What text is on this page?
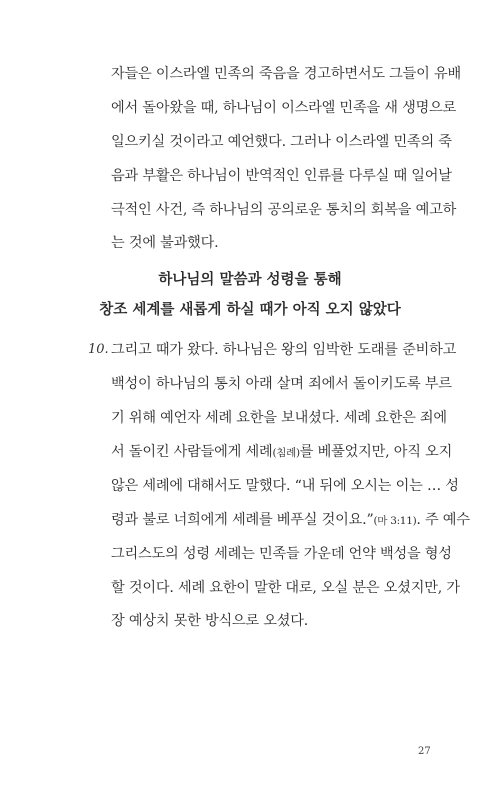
자들은 이스라엘 민족의 죽음을 경고하면서도 그들이 유배
에서 돌아왔을 때, 하나님이 이스라엘 민족을 새 생명으로
일으키실 것이라고 예언했다. 그러나 이스라엘 민족의 죽
음과 부활은 하나님이 반역적인 인류를 다루실 때 일어날
극적인 사건, 즉 하나님의 공의로운 통치의 회복을 예고하
는 것에 불과했다.
하나님의 말씀과 성령을 통해
창조 세계를 새롭게 하실 때가 아직 오지 않았다
10. 그리고 때가 왔다. 하나님은 왕의 임박한 도래를 준비하고
백성이 하나님의 통치 아래 살며 죄에서 돌이키도록 부르
기 위해 예언자 세례 요한을 보내셨다. 세례 요한은 죄에
서 돌이킨 사람들에게 세례(침례)를 베풀었지만, 아직 오지
않은 세례에 대해서도 말했다. “내 뒤에 오시는 이는 … 성
령과 불로 너희에게 세례를 베푸실 것이요.”(마 3:11). 주 예수
그리스도의 성령 세례는 민족들 가운데 언약 백성을 형성
할 것이다. 세례 요한이 말한 대로, 오실 분은 오셨지만, 가
장 예상치 못한 방식으로 오셨다.
27
